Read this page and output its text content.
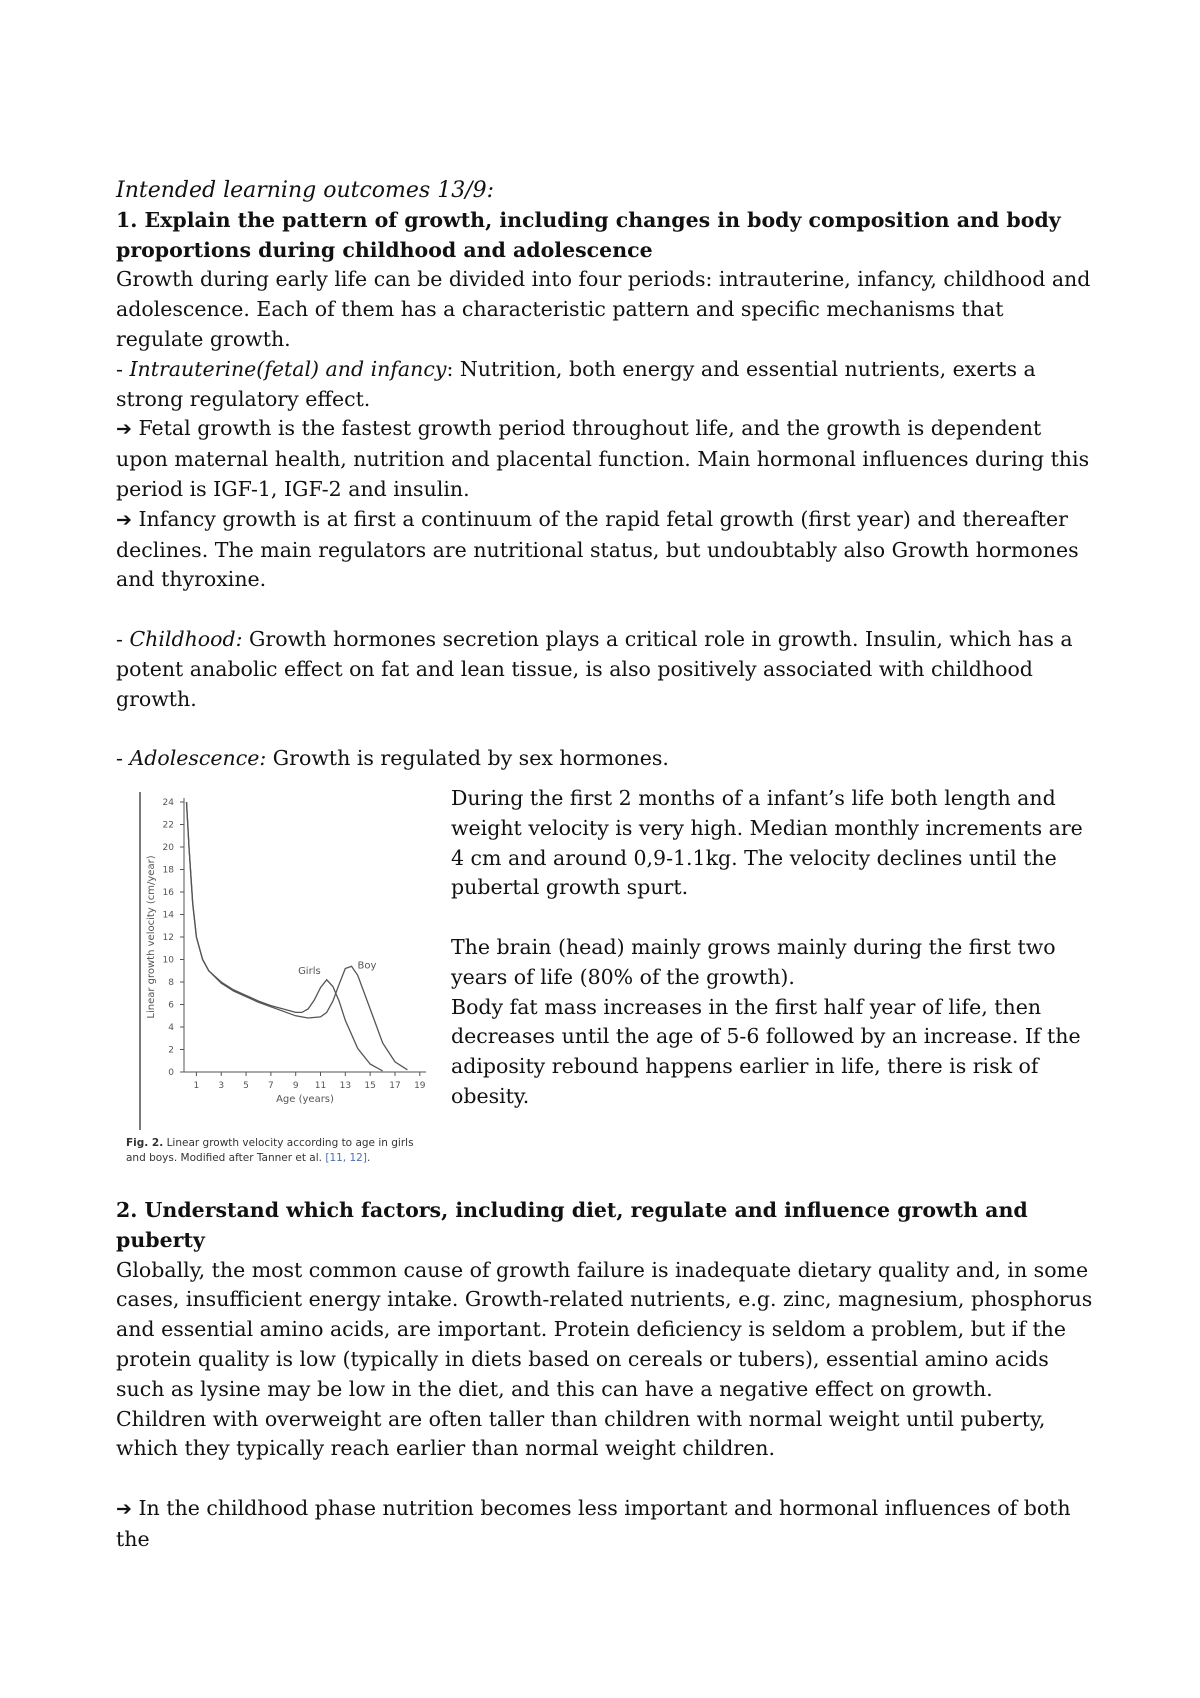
Intended learning outcomes 13/9:

1. Explain the pattern of growth, including changes in body composition and body proportions during childhood and adolescence

Growth during early life can be divided into four periods: intrauterine, infancy, childhood and adolescence. Each of them has a characteristic pattern and specific mechanisms that regulate growth.

- Intrauterine(fetal) and infancy: Nutrition, both energy and essential nutrients, exerts a strong regulatory effect.

➔ Fetal growth is the fastest growth period throughout life, and the growth is dependent upon maternal health, nutrition and placental function. Main hormonal influences during this period is IGF-1, IGF-2 and insulin.

➔ Infancy growth is at first a continuum of the rapid fetal growth (first year) and thereafter declines. The main regulators are nutritional status, but undoubtably also Growth hormones and thyroxine.

- Childhood: Growth hormones secretion plays a critical role in growth. Insulin, which has a potent anabolic effect on fat and lean tissue, is also positively associated with childhood growth.

- Adolescence: Growth is regulated by sex hormones.

0
2
4
6
8
10
12
14
16
18
20
22
24
1 3 5 7 9 11 13 15 17 19
Age (years)
Linear growth velocity (cm/year)	Girls	Boy
Fig. 2. Linear growth velocity according to age in girls and boys. Modified after Tanner et al. [11, 12].

During the first 2 months of a infant’s life both length and weight velocity is very high. Median monthly increments are 4 cm and around 0,9-1.1kg. The velocity declines until the pubertal growth spurt.

The brain (head) mainly grows mainly during the first two years of life (80% of the growth).

Body fat mass increases in the first half year of life, then decreases until the age of 5-6 followed by an increase. If the adiposity rebound happens earlier in life, there is risk of obesity.

2. Understand which factors, including diet, regulate and influence growth and puberty

Globally, the most common cause of growth failure is inadequate dietary quality and, in some cases, insufficient energy intake. Growth-related nutrients, e.g. zinc, magnesium, phosphorus and essential amino acids, are important. Protein deficiency is seldom a problem, but if the protein quality is low (typically in diets based on cereals or tubers), essential amino acids such as lysine may be low in the diet, and this can have a negative effect on growth.

Children with overweight are often taller than children with normal weight until puberty, which they typically reach earlier than normal weight children.

➔ In the childhood phase nutrition becomes less important and hormonal influences of both the
